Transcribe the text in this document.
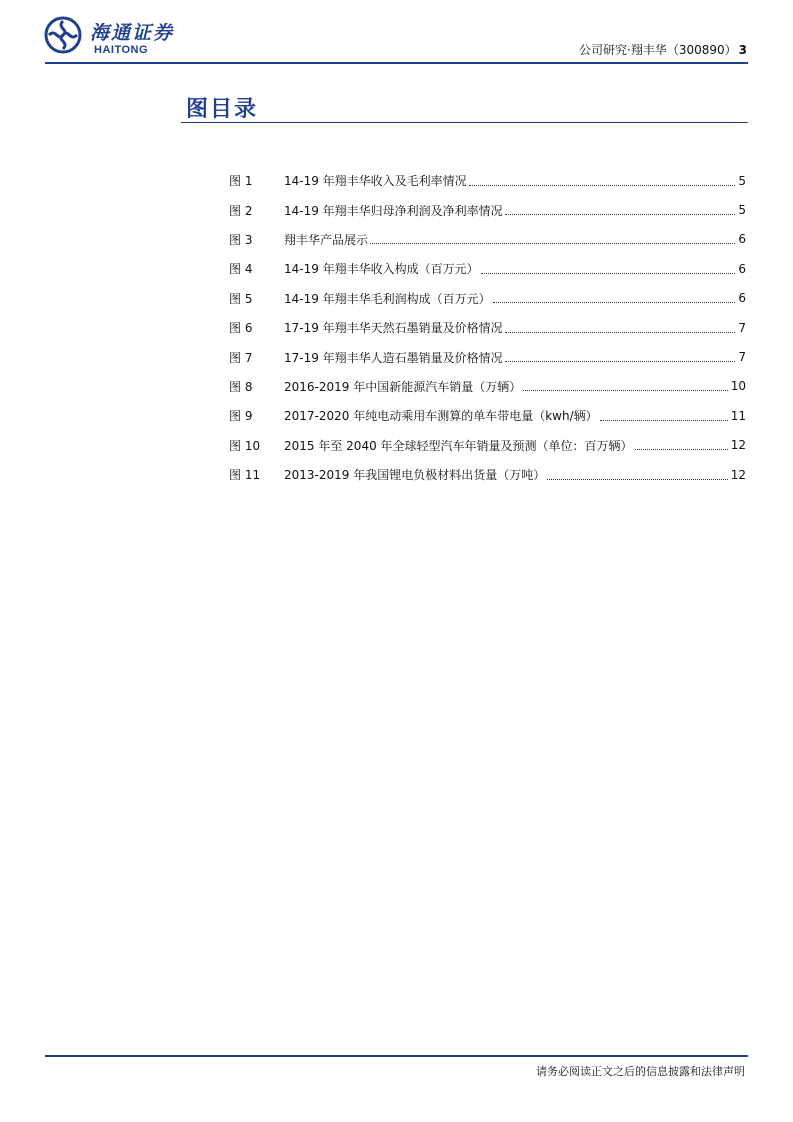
海通证券
HAITONG	公司研究·翔丰华（300890） 3
图目录
图 1	14-19 年翔丰华收入及毛利率情况	5
图 2	14-19 年翔丰华归母净利润及净利率情况	5
图 3	翔丰华产品展示	6
图 4	14-19 年翔丰华收入构成（百万元）	6
图 5	14-19 年翔丰华毛利润构成（百万元）	6
图 6	17-19 年翔丰华天然石墨销量及价格情况	7
图 7	17-19 年翔丰华人造石墨销量及价格情况	7
图 8	2016-2019 年中国新能源汽车销量（万辆）	10
图 9	2017-2020 年纯电动乘用车测算的单车带电量（kwh/辆）	11
图 10	2015 年至 2040 年全球轻型汽车年销量及预测（单位：百万辆）	12
图 11	2013-2019 年我国锂电负极材料出货量（万吨）	12
请务必阅读正文之后的信息披露和法律声明
